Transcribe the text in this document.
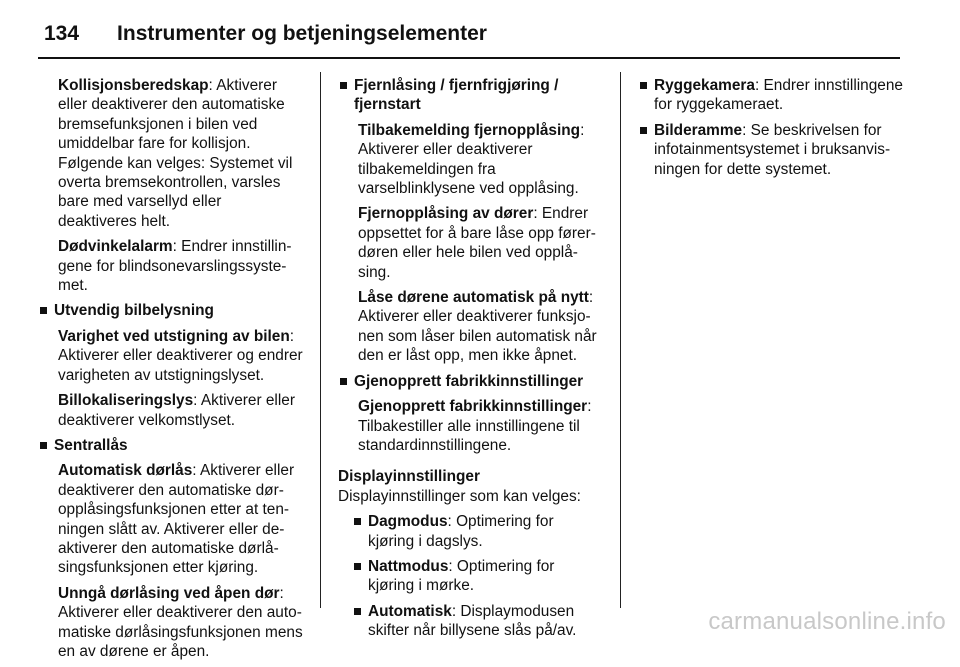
134 Instrumenter og betjeningselementer

Kollisjonsberedskap: Aktiverer eller deaktiverer den automatiske bremsefunksjonen i bilen ved umiddelbar fare for kollisjon. Følgende kan velges: Systemet vil overta bremsekontrollen, varsles bare med varsellyd eller deaktiveres helt.

Dødvinkelalarm: Endrer innstillingene for blindsonevarslingssystemet.

Utvendig bilbelysning

Varighet ved utstigning av bilen: Aktiverer eller deaktiverer og endrer varigheten av utstigningslyset.

Billokaliseringslys: Aktiverer eller deaktiverer velkomstlyset.

Sentrallås

Automatisk dørlås: Aktiverer eller deaktiverer den automatiske døropplåsingsfunksjonen etter at tenningen slått av. Aktiverer eller deaktiverer den automatiske dørlåsingsfunksjonen etter kjøring.

Unngå dørlåsing ved åpen dør: Aktiverer eller deaktiverer den automatiske dørlåsingsfunksjonen mens en av dørene er åpen.

Fjernlåsing / fjernfrigjøring / fjernstart

Tilbakemelding fjernopplåsing: Aktiverer eller deaktiverer tilbakemeldingen fra varselblinklysene ved opplåsing.

Fjernopplåsing av dører: Endrer oppsettet for å bare låse opp førerdøren eller hele bilen ved opplåsing.

Låse dørene automatisk på nytt: Aktiverer eller deaktiverer funksjonen som låser bilen automatisk når den er låst opp, men ikke åpnet.

Gjenopprett fabrikkinnstillinger

Gjenopprett fabrikkinnstillinger: Tilbakestiller alle innstillingene til standardinnstillingene.

Displayinnstillinger

Displayinnstillinger som kan velges:

Dagmodus: Optimering for kjøring i dagslys.

Nattmodus: Optimering for kjøring i mørke.

Automatisk: Displaymodusen skifter når billysene slås på/av.

Ryggekamera: Endrer innstillingene for ryggekameraet.

Bilderamme: Se beskrivelsen for infotainmentsystemet i bruksanvisningen for dette systemet.

carmanualsonline.info
